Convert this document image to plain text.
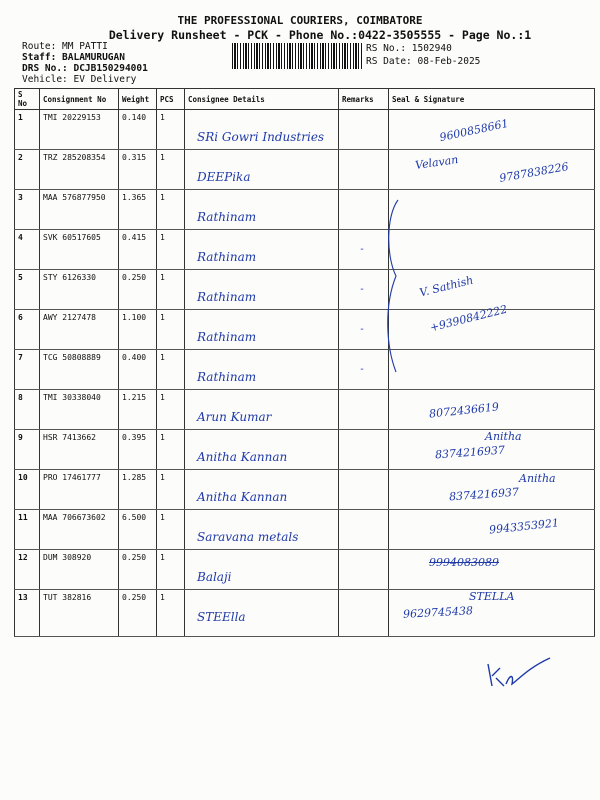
THE PROFESSIONAL COURIERS, COIMBATORE
Delivery Runsheet - PCK - Phone No.:0422-3505555 - Page No.:1
Route: MM PATTI
Staff: BALAMURUGAN
DRS No.: DCJB150294001
Vehicle: EV Delivery
RS No.: 1502940
RS Date: 08-Feb-2025
S No	Consignment No	Weight	PCS	Consignee Details	Remarks	Seal & Signature
1	TMI 20229153	0.140	1	SRi Gowri Industries		9600858661

2	TRZ 285208354	0.315	1	DEEPika		Velavan 9787838226

3	MAA 576877950	1.365	1	Rathinam		

4	SVK 60517605	0.415	1	Rathinam	-	

5	STY 6126330	0.250	1	Rathinam	-	V. Sathish

6	AWY 2127478	1.100	1	Rathinam	-	+9390842222

7	TCG 50808889	0.400	1	Rathinam	-	

8	TMI 30338040	1.215	1	Arun Kumar		8072436619

9	HSR 7413662	0.395	1	Anitha Kannan		Anitha
8374216937

10	PRO 17461777	1.285	1	Anitha Kannan		Anitha
8374216937

11	MAA 706673602	6.500	1	Saravana metals		9943353921

12	DUM 308920	0.250	1	Balaji		9994083089

13	TUT 382816	0.250	1	STEElla		STELLA
9629745438
